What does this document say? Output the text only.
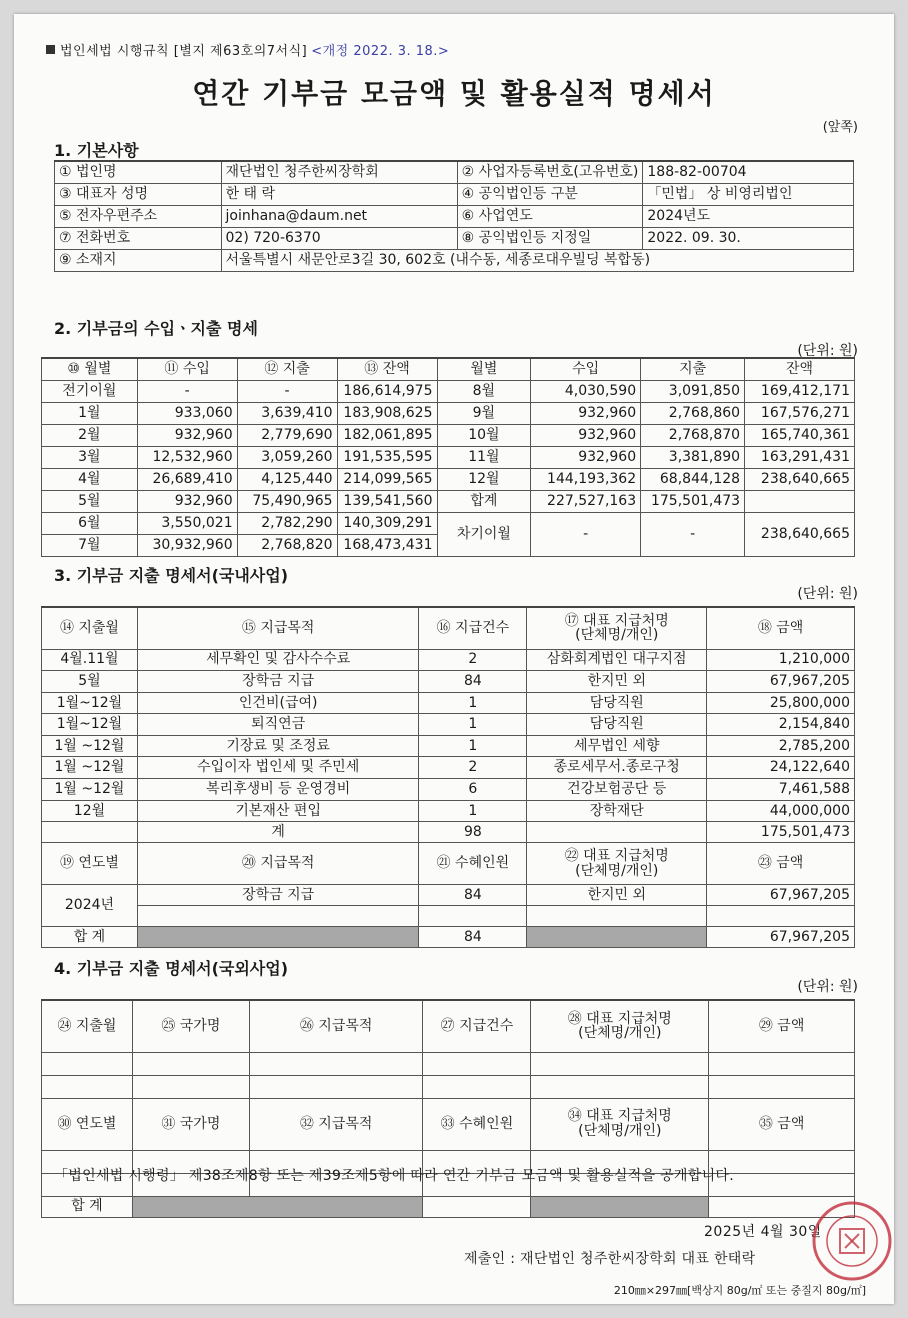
법인세법 시행규칙 [별지 제63호의7서식] <개정 2022. 3. 18.>
연간 기부금 모금액 및 활용실적 명세서
(앞쪽)
1. 기본사항
① 법인명	재단법인 청주한씨장학회	② 사업자등록번호(고유번호)	188-82-00704
③ 대표자 성명	한 태 락	④ 공익법인등 구분	「민법」 상 비영리법인
⑤ 전자우편주소	joinhana@daum.net	⑥ 사업연도	2024년도
⑦ 전화번호	02) 720-6370	⑧ 공익법인등 지정일	2022. 09. 30.
⑨ 소재지	서울특별시 새문안로3길 30, 602호 (내수동, 세종로대우빌딩 복합동)		
2. 기부금의 수입ㆍ지출 명세
(단위: 원)
⑩ 월별	⑪ 수입	⑫ 지출	⑬ 잔액	월별	수입	지출	잔액
전기이월	-	-	186,614,975	8월	4,030,590	3,091,850	169,412,171
1월	933,060	3,639,410	183,908,625	9월	932,960	2,768,860	167,576,271
2월	932,960	2,779,690	182,061,895	10월	932,960	2,768,870	165,740,361
3월	12,532,960	3,059,260	191,535,595	11월	932,960	3,381,890	163,291,431
4월	26,689,410	4,125,440	214,099,565	12월	144,193,362	68,844,128	238,640,665
5월	932,960	75,490,965	139,541,560	합계	227,527,163	175,501,473	
6월	3,550,021	2,782,290	140,309,291	차기이월	-	-	238,640,665
7월	30,932,960	2,768,820	168,473,431				
3. 기부금 지출 명세서(국내사업)
(단위: 원)
⑭ 지출월	⑮ 지급목적	⑯ 지급건수	⑰ 대표 지급처명
(단체명/개인)	⑱ 금액
4월.11월	세무확인 및 감사수수료	2	삼화회계법인 대구지점	1,210,000
5월	장학금 지급	84	한지민 외	67,967,205
1월~12월	인건비(급여)	1	담당직원	25,800,000
1월~12월	퇴직연금	1	담당직원	2,154,840
1월 ~12월	기장료 및 조정료	1	세무법인 세향	2,785,200
1월 ~12월	수입이자 법인세 및 주민세	2	종로세무서.종로구청	24,122,640
1월 ~12월	복리후생비 등 운영경비	6	건강보험공단 등	7,461,588
12월	기본재산 편입	1	장학재단	44,000,000
	계	98		175,501,473
⑲ 연도별	⑳ 지급목적	㉑ 수혜인원	㉒ 대표 지급처명
(단체명/개인)	㉓ 금액
2024년	장학금 지급	84	한지민 외	67,967,205

합 계		84		67,967,205
4. 기부금 지출 명세서(국외사업)
(단위: 원)
㉔ 지출월	㉕ 국가명	㉖ 지급목적	㉗ 지급건수	㉘ 대표 지급처명
(단체명/개인)	㉙ 금액

㉚ 연도별	㉛ 국가명	㉜ 지급목적	㉝ 수혜인원	㉞ 대표 지급처명
(단체명/개인)	㉟ 금액

합 계					
「법인세법 시행령」 제38조제8항 또는 제39조제5항에 따라 연간 기부금 모금액 및 활용실적을 공개합니다.
2025년 4월 30일
제출인 : 재단법인 청주한씨장학회 대표 한태락
210㎜×297㎜[백상지 80g/㎡ 또는 중질지 80g/㎡]
